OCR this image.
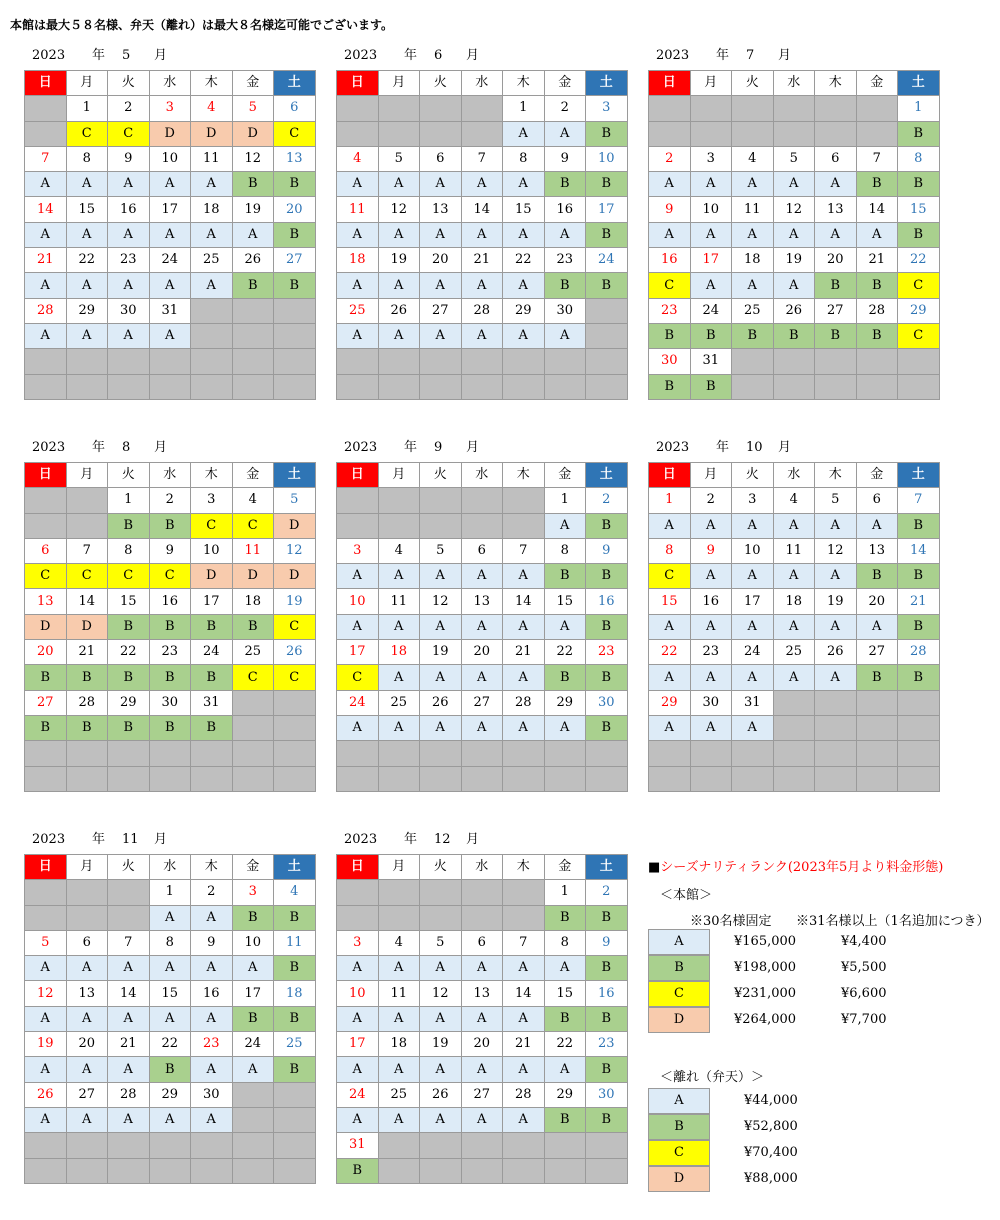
本館は最大５８名様、弁天（離れ）は最大８名様迄可能でございます。
2023 年 5 月
日	月	火	水	木	金	土
	1	2	3	4	5	6
	C	C	D	D	D	C
7	8	9	10	11	12	13
A	A	A	A	A	B	B
14	15	16	17	18	19	20
A	A	A	A	A	A	B
21	22	23	24	25	26	27
A	A	A	A	A	B	B
28	29	30	31			
A	A	A	A			

2023 年 6 月
日	月	火	水	木	金	土
				1	2	3
				A	A	B
4	5	6	7	8	9	10
A	A	A	A	A	B	B
11	12	13	14	15	16	17
A	A	A	A	A	A	B
18	19	20	21	22	23	24
A	A	A	A	A	B	B
25	26	27	28	29	30	
A	A	A	A	A	A	

2023 年 7 月
日	月	火	水	木	金	土
						1
						B
2	3	4	5	6	7	8
A	A	A	A	A	B	B
9	10	11	12	13	14	15
A	A	A	A	A	A	B
16	17	18	19	20	21	22
C	A	A	A	B	B	C
23	24	25	26	27	28	29
B	B	B	B	B	B	C
30	31					
B	B					
2023 年 8 月
日	月	火	水	木	金	土
		1	2	3	4	5
		B	B	C	C	D
6	7	8	9	10	11	12
C	C	C	C	D	D	D
13	14	15	16	17	18	19
D	D	B	B	B	B	C
20	21	22	23	24	25	26
B	B	B	B	B	C	C
27	28	29	30	31		
B	B	B	B	B		

2023 年 9 月
日	月	火	水	木	金	土
					1	2
					A	B
3	4	5	6	7	8	9
A	A	A	A	A	B	B
10	11	12	13	14	15	16
A	A	A	A	A	A	B
17	18	19	20	21	22	23
C	A	A	A	A	B	B
24	25	26	27	28	29	30
A	A	A	A	A	A	B

2023 年 10 月
日	月	火	水	木	金	土
1	2	3	4	5	6	7
A	A	A	A	A	A	B
8	9	10	11	12	13	14
C	A	A	A	A	B	B
15	16	17	18	19	20	21
A	A	A	A	A	A	B
22	23	24	25	26	27	28
A	A	A	A	A	B	B
29	30	31				
A	A	A				

2023 年 11 月
日	月	火	水	木	金	土
			1	2	3	4
			A	A	B	B
5	6	7	8	9	10	11
A	A	A	A	A	A	B
12	13	14	15	16	17	18
A	A	A	A	A	B	B
19	20	21	22	23	24	25
A	A	A	B	A	A	B
26	27	28	29	30		
A	A	A	A	A		

2023 年 12 月
日	月	火	水	木	金	土
					1	2
					B	B
3	4	5	6	7	8	9
A	A	A	A	A	A	B
10	11	12	13	14	15	16
A	A	A	A	A	B	B
17	18	19	20	21	22	23
A	A	A	A	A	A	B
24	25	26	27	28	29	30
A	A	A	A	A	B	B
31						
B						
■シーズナリティランク(2023年5月より料金形態)
＜本館＞
※30名様固定 ※31名様以上（1名追加につき）
A	¥165,000	¥4,400
B	¥198,000	¥5,500
C	¥231,000	¥6,600
D	¥264,000	¥7,700
＜離れ（弁天）＞
A	¥44,000
B	¥52,800
C	¥70,400
D	¥88,000
